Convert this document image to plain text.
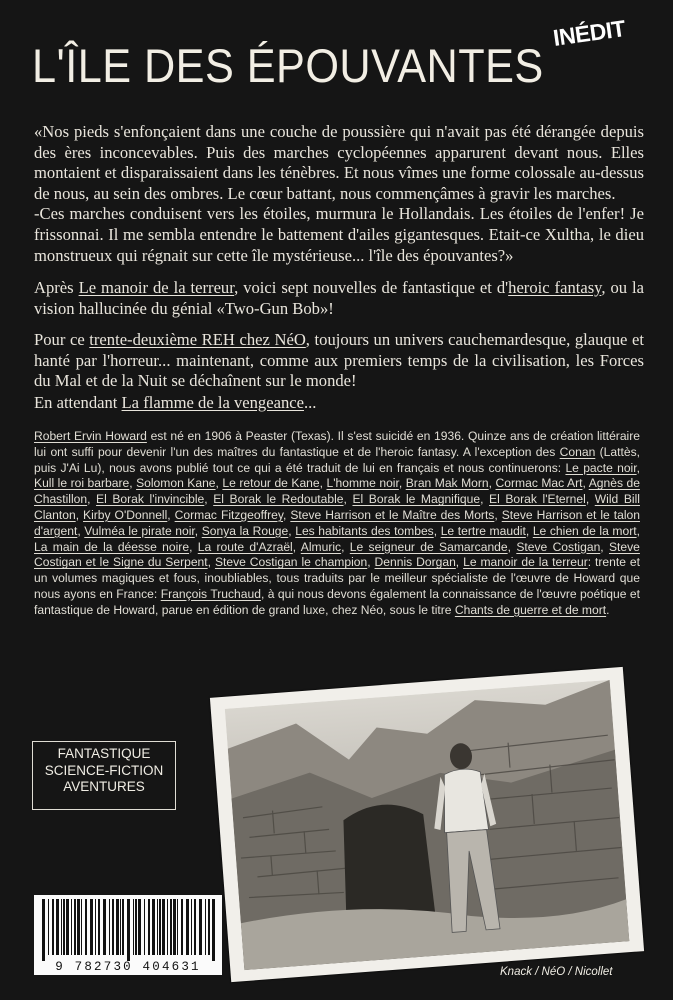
L'ÎLE DES ÉPOUVANTES
INÉDIT

«Nos pieds s'enfonçaient dans une couche de poussière qui n'avait pas été dérangée depuis des ères inconcevables. Puis des marches cyclopéennes apparurent devant nous. Elles montaient et disparaissaient dans les ténèbres. Et nous vîmes une forme colossale au-dessus de nous, au sein des ombres. Le cœur battant, nous commençâmes à gravir les marches.

-Ces marches conduisent vers les étoiles, murmura le Hollandais. Les étoiles de l'enfer! Je frissonnai. Il me sembla entendre le battement d'ailes gigantesques. Etait-ce Xultha, le dieu monstrueux qui régnait sur cette île mystérieuse... l'île des épouvantes?»

Après Le manoir de la terreur, voici sept nouvelles de fantastique et d'heroic fantasy, ou la vision hallucinée du génial «Two-Gun Bob»!
Pour ce trente-deuxième REH chez NéO, toujours un univers cauchemardesque, glauque et hanté par l'horreur... maintenant, comme aux premiers temps de la civilisation, les Forces du Mal et de la Nuit se déchaînent sur le monde!
En attendant La flamme de la vengeance...
Robert Ervin Howard est né en 1906 à Peaster (Texas). Il s'est suicidé en 1936. Quinze ans de création littéraire lui ont suffi pour devenir l'un des maîtres du fantastique et de l'heroic fantasy. A l'exception des Conan (Lattès, puis J'Ai Lu), nous avons publié tout ce qui a été traduit de lui en français et nous continuerons: Le pacte noir, Kull le roi barbare, Solomon Kane, Le retour de Kane, L'homme noir, Bran Mak Morn, Cormac Mac Art, Agnès de Chastillon, El Borak l'invincible, El Borak le Redoutable, El Borak le Magnifique, El Borak l'Eternel, Wild Bill Clanton, Kirby O'Donnell, Cormac Fitzgeoffrey, Steve Harrison et le Maître des Morts, Steve Harrison et le talon d'argent, Vulméa le pirate noir, Sonya la Rouge, Les habitants des tombes, Le tertre maudit, Le chien de la mort, La main de la déesse noire, La route d'Azraël, Almuric, Le seigneur de Samarcande, Steve Costigan, Steve Costigan et le Signe du Serpent, Steve Costigan le champion, Dennis Dorgan, Le manoir de la terreur: trente et un volumes magiques et fous, inoubliables, tous traduits par le meilleur spécialiste de l'œuvre de Howard que nous ayons en France: François Truchaud, à qui nous devons également la connaissance de l'œuvre poétique et fantastique de Howard, parue en édition de grand luxe, chez Néo, sous le titre Chants de guerre et de mort.
FANTASTIQUE
SCIENCE-FICTION
AVENTURES
9 782730 404631	Knack / NéO / Nicollet
